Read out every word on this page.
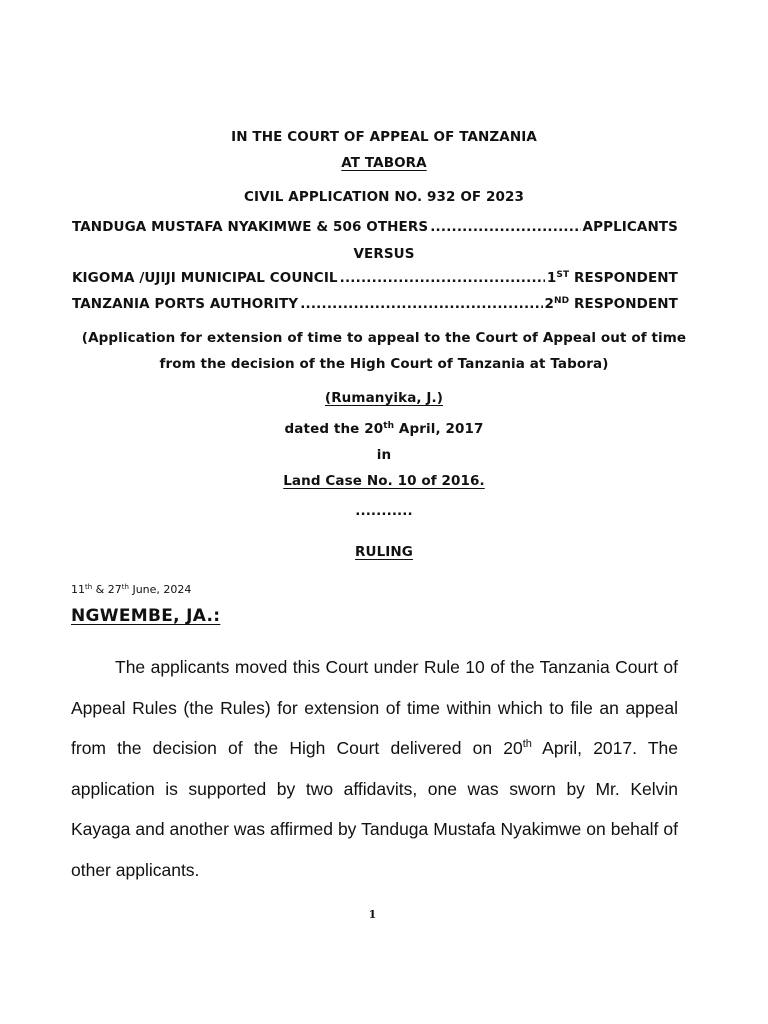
IN THE COURT OF APPEAL OF TANZANIA
AT TABORA
CIVIL APPLICATION NO. 932 OF 2023
TANDUGA MUSTAFA NYAKIMWE & 506 OTHERS .....	APPLICANTS
VERSUS
KIGOMA /UJIJI MUNICIPAL COUNCIL .....	1ST RESPONDENT
TANZANIA PORTS AUTHORITY .....	2ND RESPONDENT
(Application for extension of time to appeal to the Court of Appeal out of time
from the decision of the High Court of Tanzania at Tabora)
(Rumanyika, J.)
dated the 20th April, 2017
in
Land Case No. 10 of 2016.
...........
RULING
11th & 27th June, 2024
NGWEMBE, JA.:
The applicants moved this Court under Rule 10 of the Tanzania Court of Appeal Rules (the Rules) for extension of time within which to file an appeal from the decision of the High Court delivered on 20th April, 2017. The application is supported by two affidavits, one was sworn by Mr. Kelvin Kayaga and another was affirmed by Tanduga Mustafa Nyakimwe on behalf of other applicants.
1
